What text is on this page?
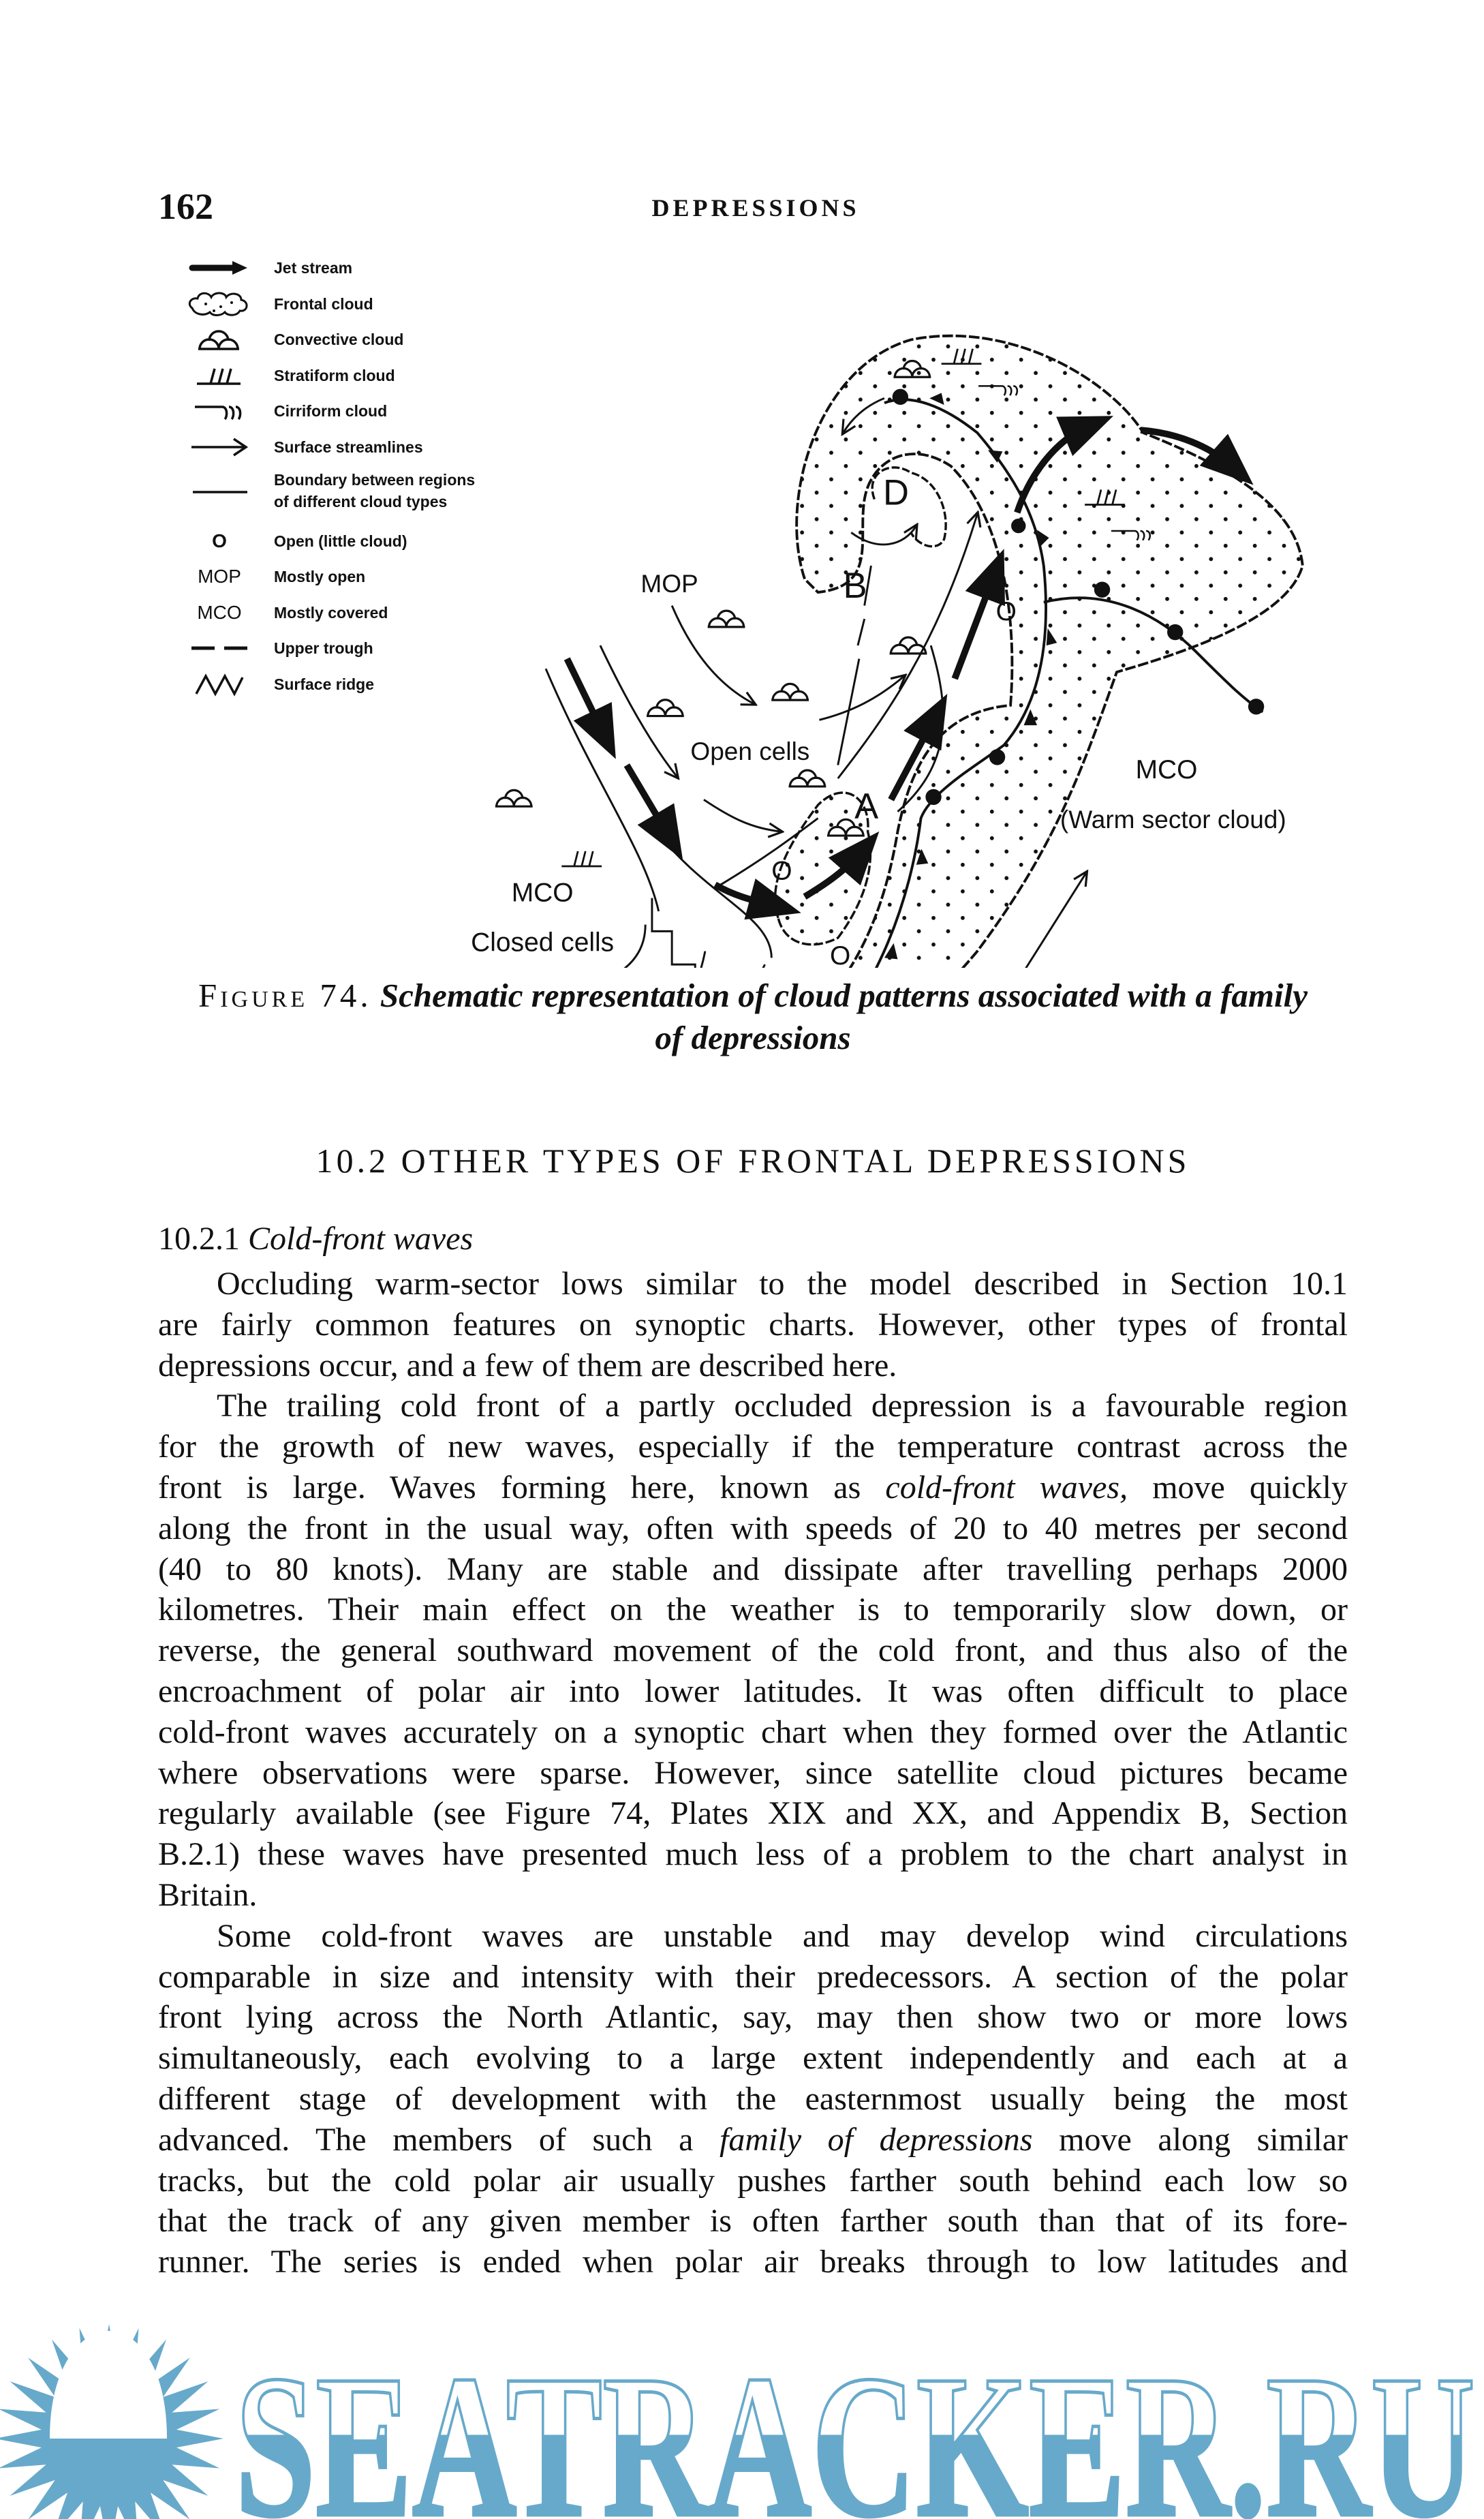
162	DEPRESSIONS
Jet stream
Frontal cloud
Convective cloud
Stratiform cloud
Cirriform cloud
Surface streamlines
Boundary between regions
of different cloud types
O	Open (little cloud)
MOP	Mostly open
MCO	Mostly covered
Upper trough
Surface ridge
MOP
Open cells
A
B
D
O
O
O
MCO
Closed cells
MCO
(Warm sector cloud)
Figure 74. Schematic representation of cloud patterns associated with a family
of depressions
10.2 OTHER TYPES OF FRONTAL DEPRESSIONS
10.2.1 Cold-front waves
Occluding warm-sector lows similar to the model described in Section 10.1
are fairly common features on synoptic charts. However, other types of frontal
depressions occur, and a few of them are described here.
The trailing cold front of a partly occluded depression is a favourable region
for the growth of new waves, especially if the temperature contrast across the
front is large. Waves forming here, known as cold-front waves, move quickly
along the front in the usual way, often with speeds of 20 to 40 metres per second
(40 to 80 knots). Many are stable and dissipate after travelling perhaps 2000
kilometres. Their main effect on the weather is to temporarily slow down, or
reverse, the general southward movement of the cold front, and thus also of the
encroachment of polar air into lower latitudes. It was often difficult to place
cold-front waves accurately on a synoptic chart when they formed over the Atlantic
where observations were sparse. However, since satellite cloud pictures became
regularly available (see Figure 74, Plates XIX and XX, and Appendix B, Section
B.2.1) these waves have presented much less of a problem to the chart analyst in
Britain.
Some cold-front waves are unstable and may develop wind circulations
comparable in size and intensity with their predecessors. A section of the polar
front lying across the North Atlantic, say, may then show two or more lows
simultaneously, each evolving to a large extent independently and each at a
different stage of development with the easternmost usually being the most
advanced. The members of such a family of depressions move along similar
tracks, but the cold polar air usually pushes farther south behind each low so
that the track of any given member is often farther south than that of its fore-
runner. The series is ended when polar air breaks through to low latitudes and
SEATRACKER.RU
